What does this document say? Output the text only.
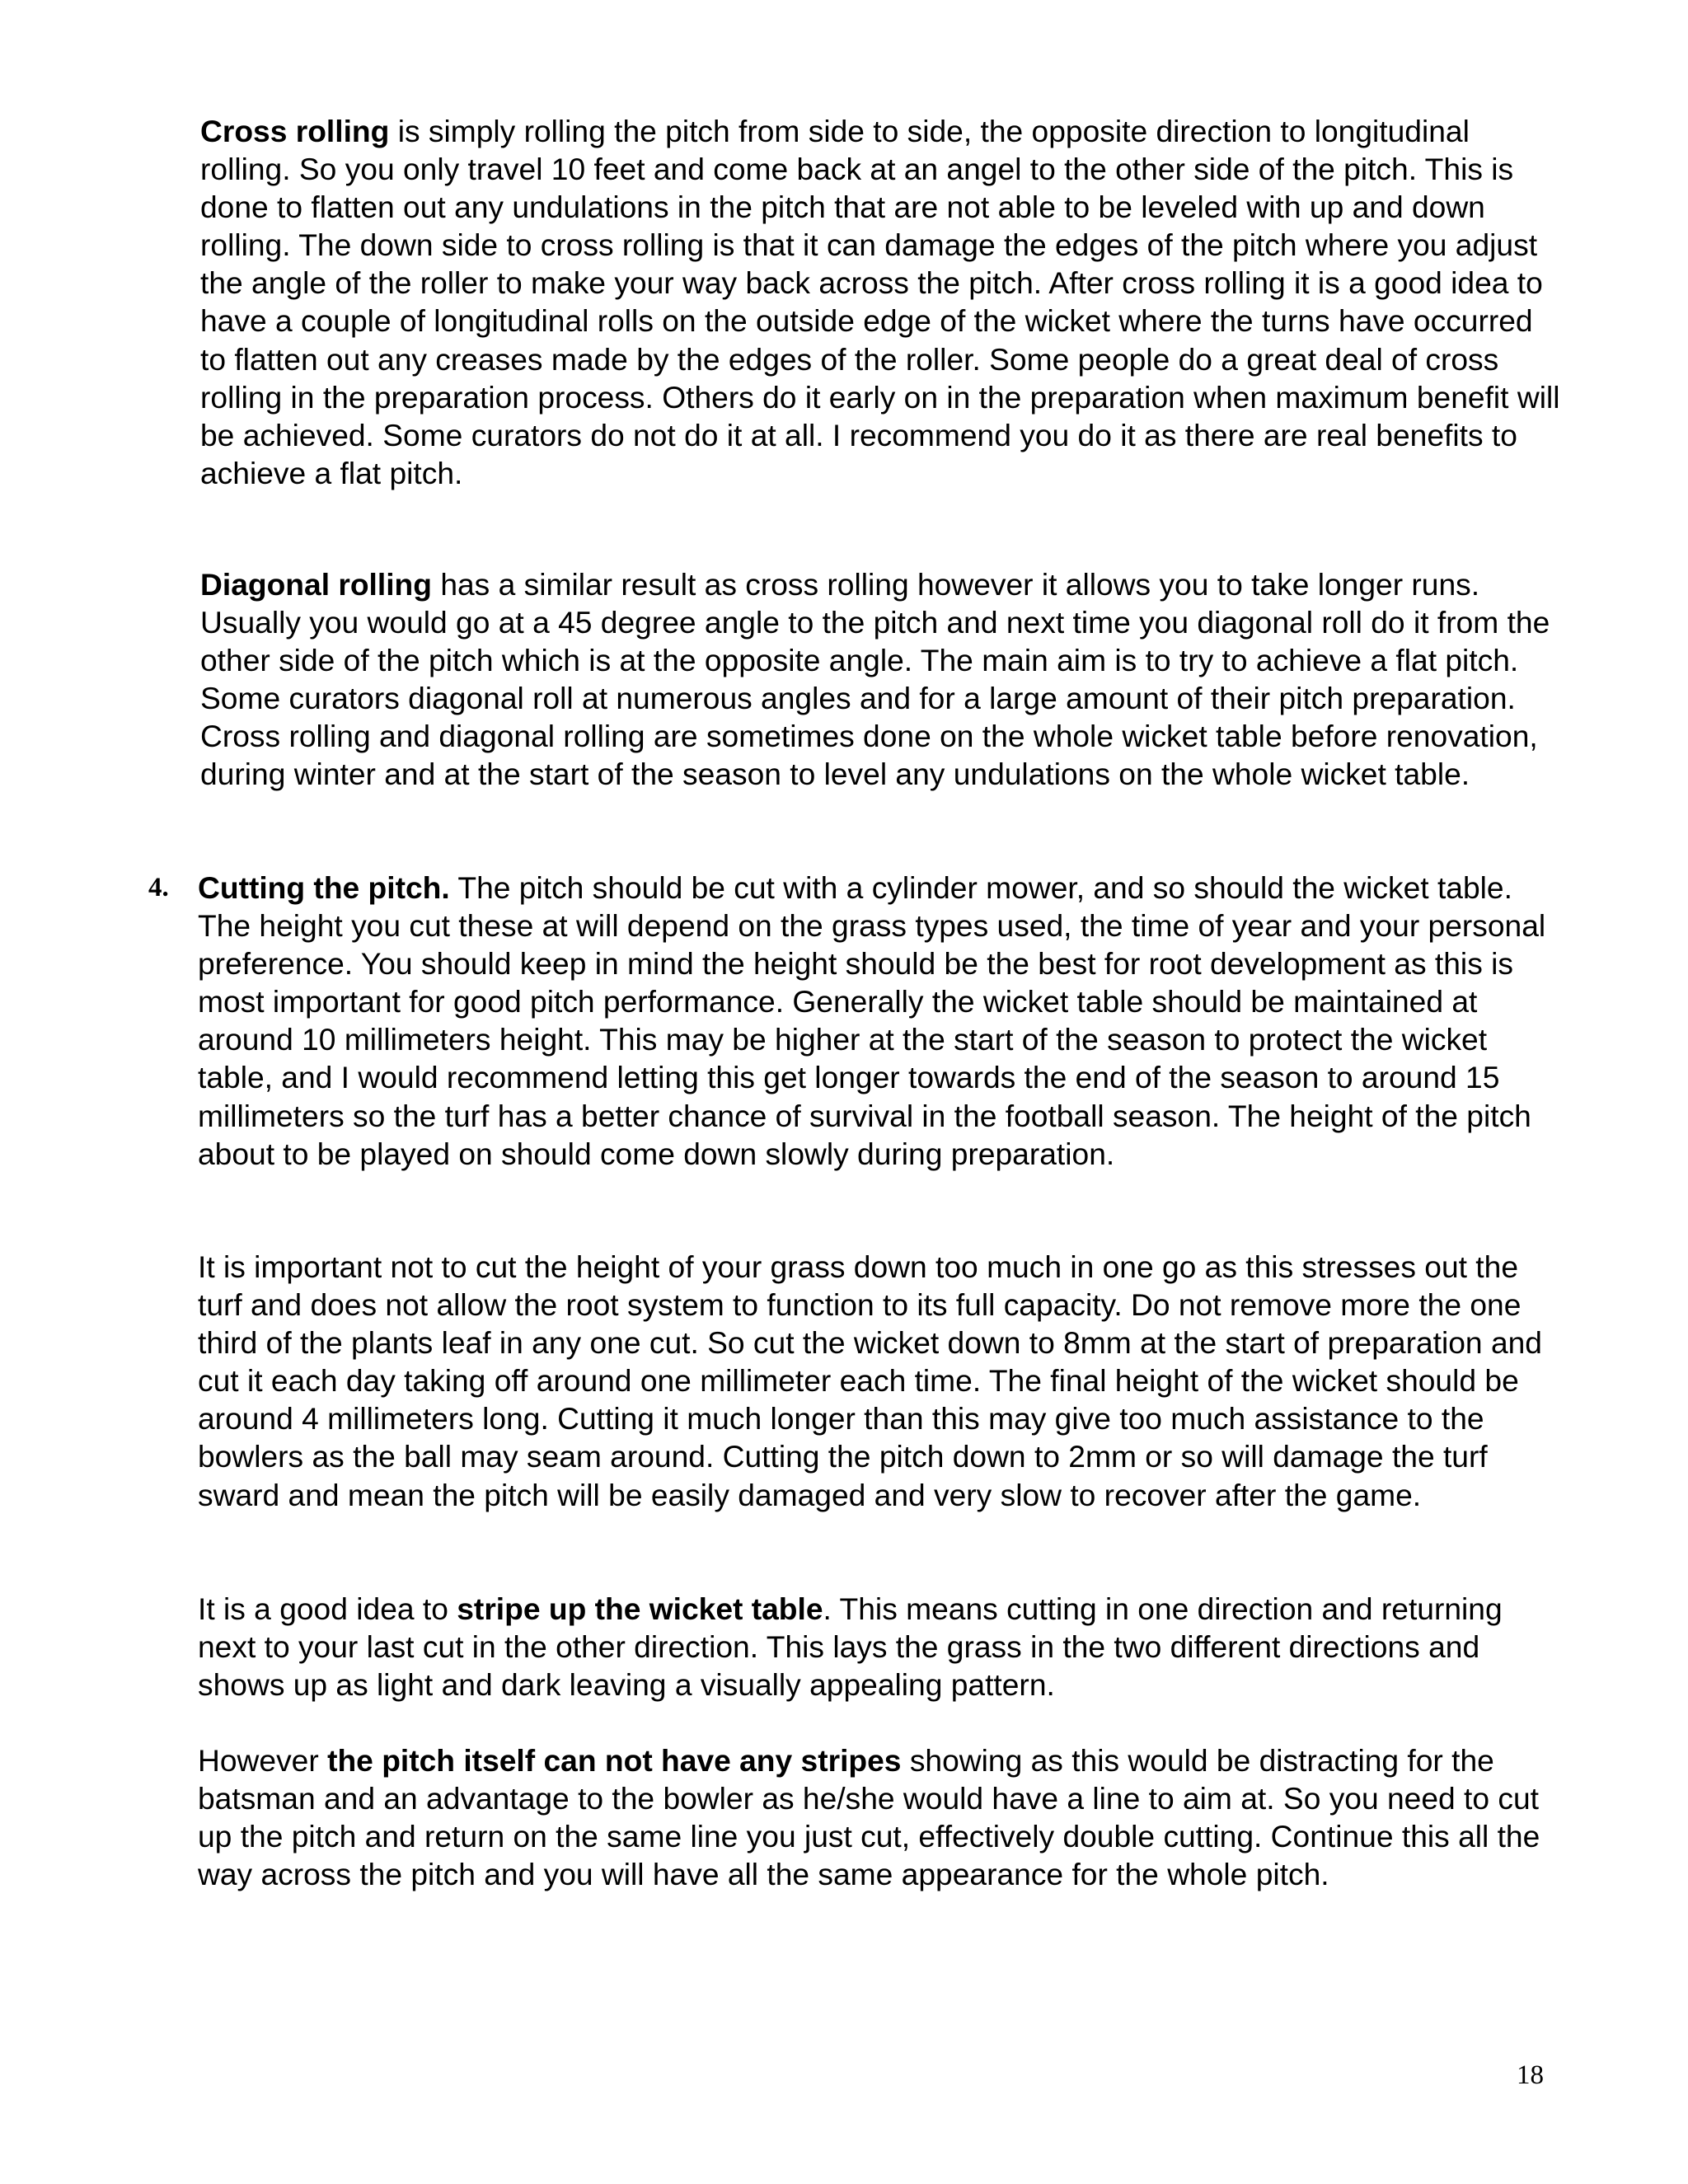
Cross rolling is simply rolling the pitch from side to side, the opposite direction to longitudinal rolling. So you only travel 10 feet and come back at an angel to the other side of the pitch. This is done to flatten out any undulations in the pitch that are not able to be leveled with up and down rolling. The down side to cross rolling is that it can damage the edges of the pitch where you adjust the angle of the roller to make your way back across the pitch. After cross rolling it is a good idea to have a couple of longitudinal rolls on the outside edge of the wicket where the turns have occurred to flatten out any creases made by the edges of the roller. Some people do a great deal of cross rolling in the preparation process. Others do it early on in the preparation when maximum benefit will be achieved. Some curators do not do it at all. I recommend you do it as there are real benefits to achieve a flat pitch.

Diagonal rolling has a similar result as cross rolling however it allows you to take longer runs. Usually you would go at a 45 degree angle to the pitch and next time you diagonal roll do it from the other side of the pitch which is at the opposite angle. The main aim is to try to achieve a flat pitch. Some curators diagonal roll at numerous angles and for a large amount of their pitch preparation. Cross rolling and diagonal rolling are sometimes done on the whole wicket table before renovation, during winter and at the start of the season to level any undulations on the whole wicket table.

4. Cutting the pitch. The pitch should be cut with a cylinder mower, and so should the wicket table. The height you cut these at will depend on the grass types used, the time of year and your personal preference. You should keep in mind the height should be the best for root development as this is most important for good pitch performance. Generally the wicket table should be maintained at around 10 millimeters height. This may be higher at the start of the season to protect the wicket table, and I would recommend letting this get longer towards the end of the season to around 15 millimeters so the turf has a better chance of survival in the football season. The height of the pitch about to be played on should come down slowly during preparation.

It is important not to cut the height of your grass down too much in one go as this stresses out the turf and does not allow the root system to function to its full capacity. Do not remove more the one third of the plants leaf in any one cut. So cut the wicket down to 8mm at the start of preparation and cut it each day taking off around one millimeter each time. The final height of the wicket should be around 4 millimeters long. Cutting it much longer than this may give too much assistance to the bowlers as the ball may seam around. Cutting the pitch down to 2mm or so will damage the turf sward and mean the pitch will be easily damaged and very slow to recover after the game.

It is a good idea to stripe up the wicket table. This means cutting in one direction and returning next to your last cut in the other direction. This lays the grass in the two different directions and shows up as light and dark leaving a visually appealing pattern.

However the pitch itself can not have any stripes showing as this would be distracting for the batsman and an advantage to the bowler as he/she would have a line to aim at. So you need to cut up the pitch and return on the same line you just cut, effectively double cutting. Continue this all the way across the pitch and you will have all the same appearance for the whole pitch.

18
